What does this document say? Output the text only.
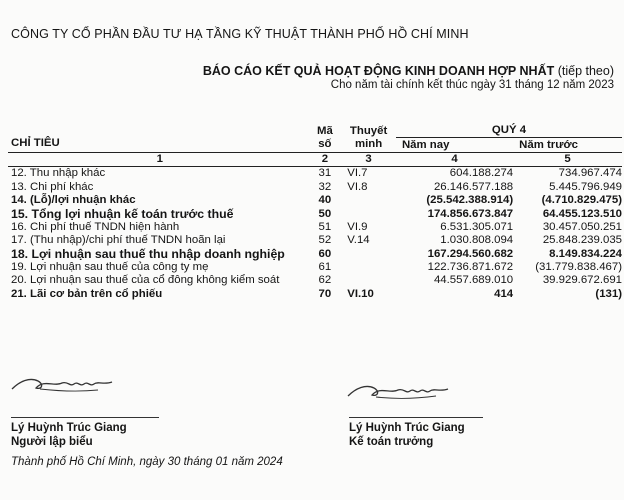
CÔNG TY CỔ PHẦN ĐẦU TƯ HẠ TẦNG KỸ THUẬT THÀNH PHỐ HỒ CHÍ MINH
BÁO CÁO KẾT QUẢ HOẠT ĐỘNG KINH DOANH HỢP NHẤT (tiếp theo)
Cho năm tài chính kết thúc ngày 31 tháng 12 năm 2023
CHỈ TIÊU	Mã	Thuyết	QUÝ 4	
	số	minh	Năm nay	Năm trước
1	2	3	4	5
12. Thu nhập khác	31	VI.7	604.188.274	734.967.474
13. Chi phí khác	32	VI.8	26.146.577.188	5.445.796.949
14. (Lỗ)/lợi nhuận khác	40		(25.542.388.914)	(4.710.829.475)
15. Tổng lợi nhuận kế toán trước thuế	50		174.856.673.847	64.455.123.510
16. Chi phí thuế TNDN hiện hành	51	VI.9	6.531.305.071	30.457.050.251
17. (Thu nhập)/chi phí thuế TNDN hoãn lại	52	V.14	1.030.808.094	25.848.239.035
18. Lợi nhuận sau thuế thu nhập doanh nghiệp	60		167.294.560.682	8.149.834.224
19. Lợi nhuận sau thuế của công ty mẹ	61		122.736.871.672	(31.779.838.467)
20. Lợi nhuận sau thuế của cổ đông không kiểm soát	62		44.557.689.010	39.929.672.691
21. Lãi cơ bản trên cổ phiếu	70	VI.10	414	(131)
Lý Huỳnh Trúc Giang
Người lập biểu
Lý Huỳnh Trúc Giang
Kế toán trưởng
Thành phố Hồ Chí Minh, ngày 30 tháng 01 năm 2024
